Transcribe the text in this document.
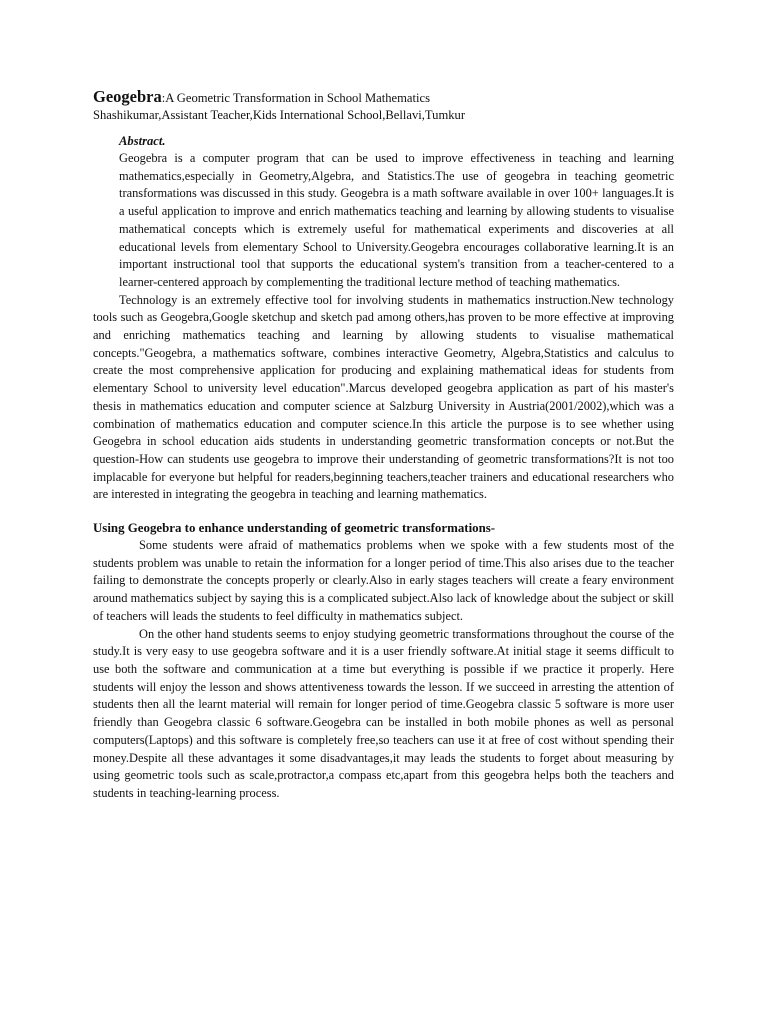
Geogebra:A Geometric Transformation in School Mathematics

Shashikumar,Assistant Teacher,Kids International School,Bellavi,Tumkur

Abstract.

Geogebra is a computer program that can be used to improve effectiveness in teaching and learning mathematics,especially in Geometry,Algebra, and Statistics.The use of geogebra in teaching geometric transformations was discussed in this study. Geogebra is a math software available in over 100+ languages.It is a useful application to improve and enrich mathematics teaching and learning by allowing students to visualise mathematical concepts which is extremely useful for mathematical experiments and discoveries at all educational levels from elementary School to University.Geogebra encourages collaborative learning.It is an important instructional tool that supports the educational system's transition from a teacher-centered to a learner-centered approach by complementing the traditional lecture method of teaching mathematics.

Technology is an extremely effective tool for involving students in mathematics instruction.New technology tools such as Geogebra,Google sketchup and sketch pad among others,has proven to be more effective at improving and enriching mathematics teaching and learning by allowing students to visualise mathematical concepts."Geogebra, a mathematics software, combines interactive Geometry, Algebra,Statistics and calculus to create the most comprehensive application for producing and explaining mathematical ideas for students from elementary School to university level education".Marcus developed geogebra application as part of his master's thesis in mathematics education and computer science at Salzburg University in Austria(2001/2002),which was a combination of mathematics education and computer science.In this article the purpose is to see whether using Geogebra in school education aids students in understanding geometric transformation concepts or not.But the question-How can students use geogebra to improve their understanding of geometric transformations?It is not too implacable for everyone but helpful for readers,beginning teachers,teacher trainers and educational researchers who are interested in integrating the geogebra in teaching and learning mathematics.

Using Geogebra to enhance understanding of geometric transformations-

Some students were afraid of mathematics problems when we spoke with a few students most of the students problem was unable to retain the information for a longer period of time.This also arises due to the teacher failing to demonstrate the concepts properly or clearly.Also in early stages teachers will create a feary environment around mathematics subject by saying this is a complicated subject.Also lack of knowledge about the subject or skill of teachers will leads the students to feel difficulty in mathematics subject.

On the other hand students seems to enjoy studying geometric transformations throughout the course of the study.It is very easy to use geogebra software and it is a user friendly software.At initial stage it seems difficult to use both the software and communication at a time but everything is possible if we practice it properly. Here students will enjoy the lesson and shows attentiveness towards the lesson. If we succeed in arresting the attention of students then all the learnt material will remain for longer period of time.Geogebra classic 5 software is more user friendly than Geogebra classic 6 software.Geogebra can be installed in both mobile phones as well as personal computers(Laptops) and this software is completely free,so teachers can use it at free of cost without spending their money.Despite all these advantages it some disadvantages,it may leads the students to forget about measuring by using geometric tools such as scale,protractor,a compass etc,apart from this geogebra helps both the teachers and students in teaching-learning process.
